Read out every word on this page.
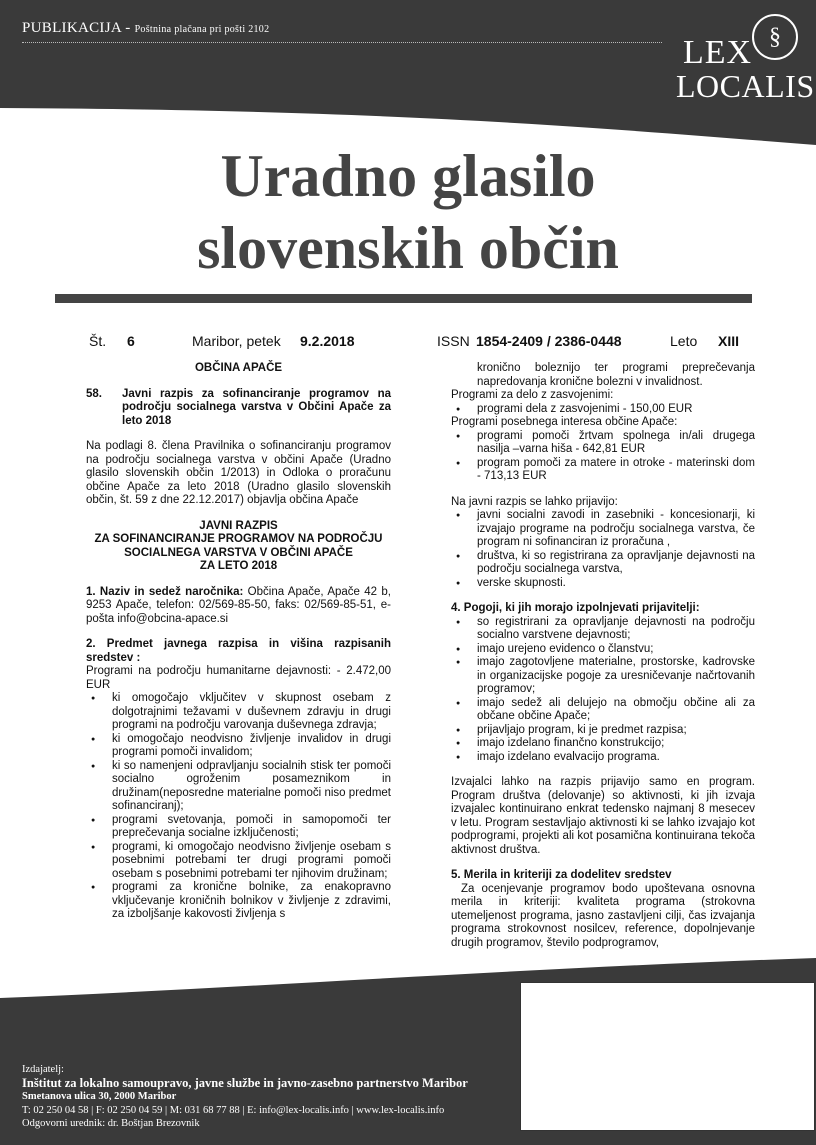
PUBLIKACIJA - Poštnina plačana pri pošti 2102	§
LEX
LOCALIS
Uradno glasilo
slovenskih občin
Št. 6	Maribor, petek 9.2.2018	ISSN 1854-2409 / 2386-0448	Leto XIII

OBČINA APAČE

58.	Javni razpis za sofinanciranje programov na področju socialnega varstva v Občini Apače za leto 2018

Na podlagi 8. člena Pravilnika o sofinanciranju programov na področju socialnega varstva v občini Apače (Uradno glasilo slovenskih občin 1/2013) in Odloka o proračunu občine Apače za leto 2018 (Uradno glasilo slovenskih občin, št. 59 z dne 22.12.2017) objavlja občina Apače

JAVNI RAZPIS

ZA SOFINANCIRANJE PROGRAMOV NA PODROČJU SOCIALNEGA VARSTVA V OBČINI APAČE

ZA LETO 2018

1. Naziv in sedež naročnika: Občina Apače, Apače 42 b, 9253 Apače, telefon: 02/569-85-50, faks: 02/569-85-51, e-pošta info@obcina-apace.si

2. Predmet javnega razpisa in višina razpisanih sredstev :

Programi na področju humanitarne dejavnosti: - 2.472,00 EUR

● ki omogočajo vključitev v skupnost osebam z dolgotrajnimi težavami v duševnem zdravju in drugi programi na področju varovanja duševnega zdravja;
● ki omogočajo neodvisno življenje invalidov in drugi programi pomoči invalidom;
● ki so namenjeni odpravljanju socialnih stisk ter pomoči socialno ogroženim posameznikom in družinam(neposredne materialne pomoči niso predmet sofinanciranj);
● programi svetovanja, pomoči in samopomoči ter preprečevanja socialne izključenosti;
● programi, ki omogočajo neodvisno življenje osebam s posebnimi potrebami ter drugi programi pomoči osebam s posebnimi potrebami ter njihovim družinam;
● programi za kronične bolnike, za enakopravno vključevanje kroničnih bolnikov v življenje z zdravimi, za izboljšanje kakovosti življenja s

kronično boleznijo ter programi preprečevanja napredovanja kronične bolezni v invalidnost.

Programi za delo z zasvojenimi:

● programi dela z zasvojenimi - 150,00 EUR

Programi posebnega interesa občine Apače:

● programi pomoči žrtvam spolnega in/ali drugega nasilja –varna hiša - 642,81 EUR
● program pomoči za matere in otroke - materinski dom - 713,13 EUR

Na javni razpis se lahko prijavijo:

● javni socialni zavodi in zasebniki - koncesionarji, ki izvajajo programe na področju socialnega varstva, če program ni sofinanciran iz proračuna ,
● društva, ki so registrirana za opravljanje dejavnosti na področju socialnega varstva,
● verske skupnosti.

4. Pogoji, ki jih morajo izpolnjevati prijavitelji:

● so registrirani za opravljanje dejavnosti na področju socialno varstvene dejavnosti;
● imajo urejeno evidenco o članstvu;
● imajo zagotovljene materialne, prostorske, kadrovske in organizacijske pogoje za uresničevanje načrtovanih programov;
● imajo sedež ali delujejo na območju občine ali za občane občine Apače;
● prijavljajo program, ki je predmet razpisa;
● imajo izdelano finančno konstrukcijo;
● imajo izdelano evalvacijo programa.

Izvajalci lahko na razpis prijavijo samo en program. Program društva (delovanje) so aktivnosti, ki jih izvaja izvajalec kontinuirano enkrat tedensko najmanj 8 mesecev v letu. Program sestavljajo aktivnosti ki se lahko izvajajo kot podprogrami, projekti ali kot posamična kontinuirana tekoča aktivnost društva.

5. Merila in kriteriji za dodelitev sredstev

Za ocenjevanje programov bodo upoštevana osnovna merila in kriteriji: kvaliteta programa (strokovna utemeljenost programa, jasno zastavljeni cilji, čas izvajanja programa strokovnost nosilcev, reference, dopolnjevanje drugih programov, število podprogramov,

Izdajatelj:
Inštitut za lokalno samoupravo, javne službe in javno-zasebno partnerstvo Maribor
Smetanova ulica 30, 2000 Maribor
T: 02 250 04 58 | F: 02 250 04 59 | M: 031 68 77 88 | E: info@lex-localis.info | www.lex-localis.info
Odgovorni urednik: dr. Boštjan Brezovnik
